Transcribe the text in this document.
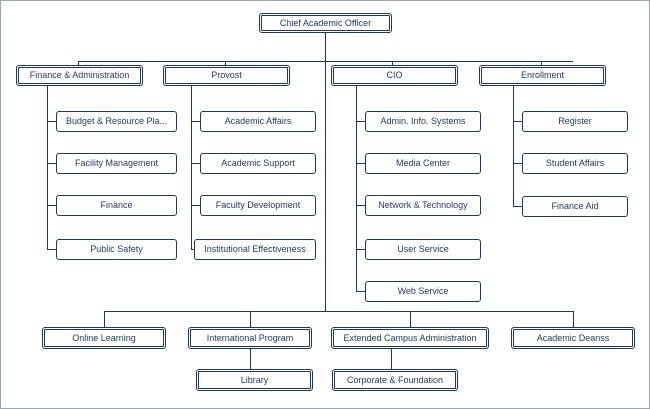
Chief Academic Officer
Finance & Administration	Provost	CIO	Enrollment
Budget & Resource Pla...
Facility Management
Finance
Public Safety
Academic Affairs
Academic Support
Faculty Development
Institutional Effectiveness
Admin. Info. Systems
Media Center
Network & Technology
User Service
Web Service
Register
Student Affairs
Finance Aid
Online Learning	International Program	Extended Campus Administration	Academic Deanss
Library	Corporate & Foundation
